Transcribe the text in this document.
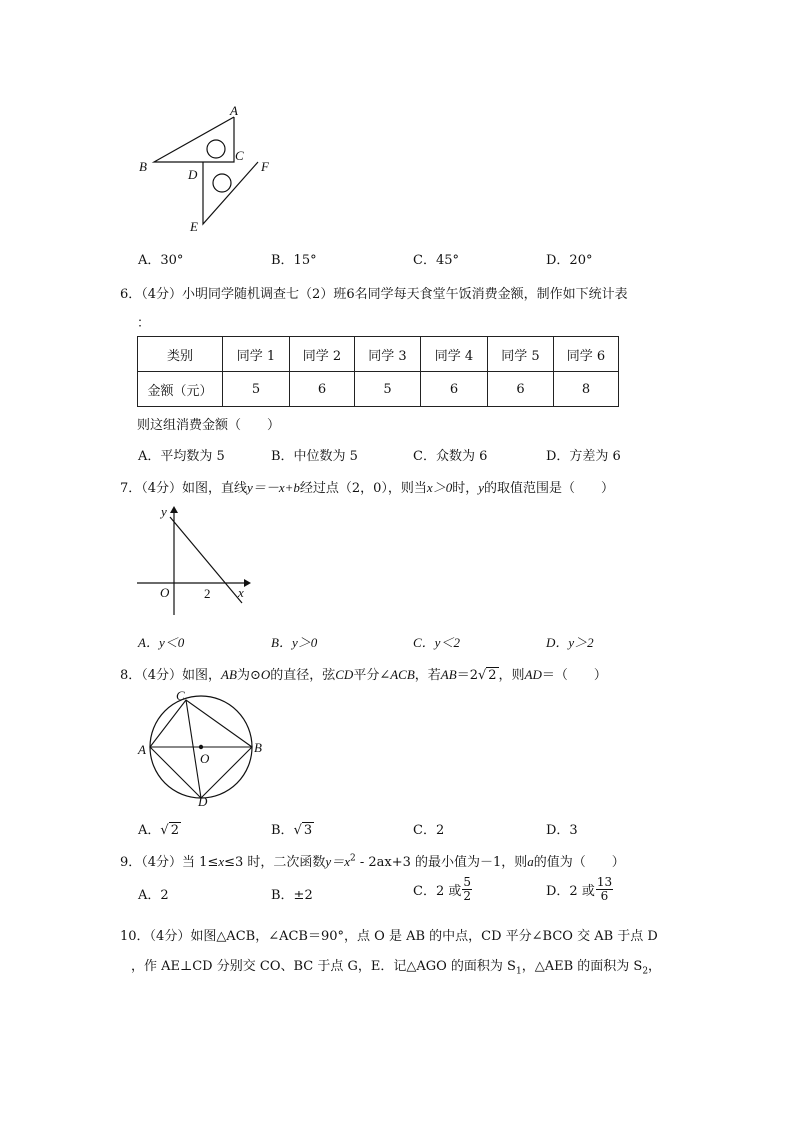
A
B
C
D
E
F
A．30°	B．15°	C．45°	D．20°
6．（4分）小明同学随机调查七（2）班6名同学每天食堂午饭消费金额，制作如下统计表
：
类别	同学 1	同学 2	同学 3	同学 4	同学 5	同学 6
金额（元）	5	6	5	6	6	8
则这组消费金额（　　）
A．平均数为 5	B．中位数为 5	C．众数为 6	D．方差为 6
7．（4分）如图，直线y＝－x+b经过点（2，0），则当x＞0时，y的取值范围是（　　）
y
x
O	2
A．y＜0	B．y＞0	C．y＜2	D．y＞2
8．（4分）如图，AB为⊙O的直径，弦CD平分∠ACB，若AB＝2√ 2 ，则AD＝（　　）
C
A	B
O
D
A．√ 2	B．√ 3	C．2	D．3
9．（4分）当 1≤x≤3 时，二次函数$y=x^2 - 2ax+3$ 的最小值为－1，则a的值为（　　）
A．2	B．±2	C．2 或 $\frac{5}{2}$	D．2 或 $\frac{13}{6}$
10．（4分）如图△ACB，∠ACB＝90°，点 O 是 AB 的中点，CD 平分∠BCO 交 AB 于点 D
，作 AE⊥CD 分别交 CO、BC 于点 G，E．记△AGO 的面积为 $S_1$，△AEB 的面积为 $S_2$，
